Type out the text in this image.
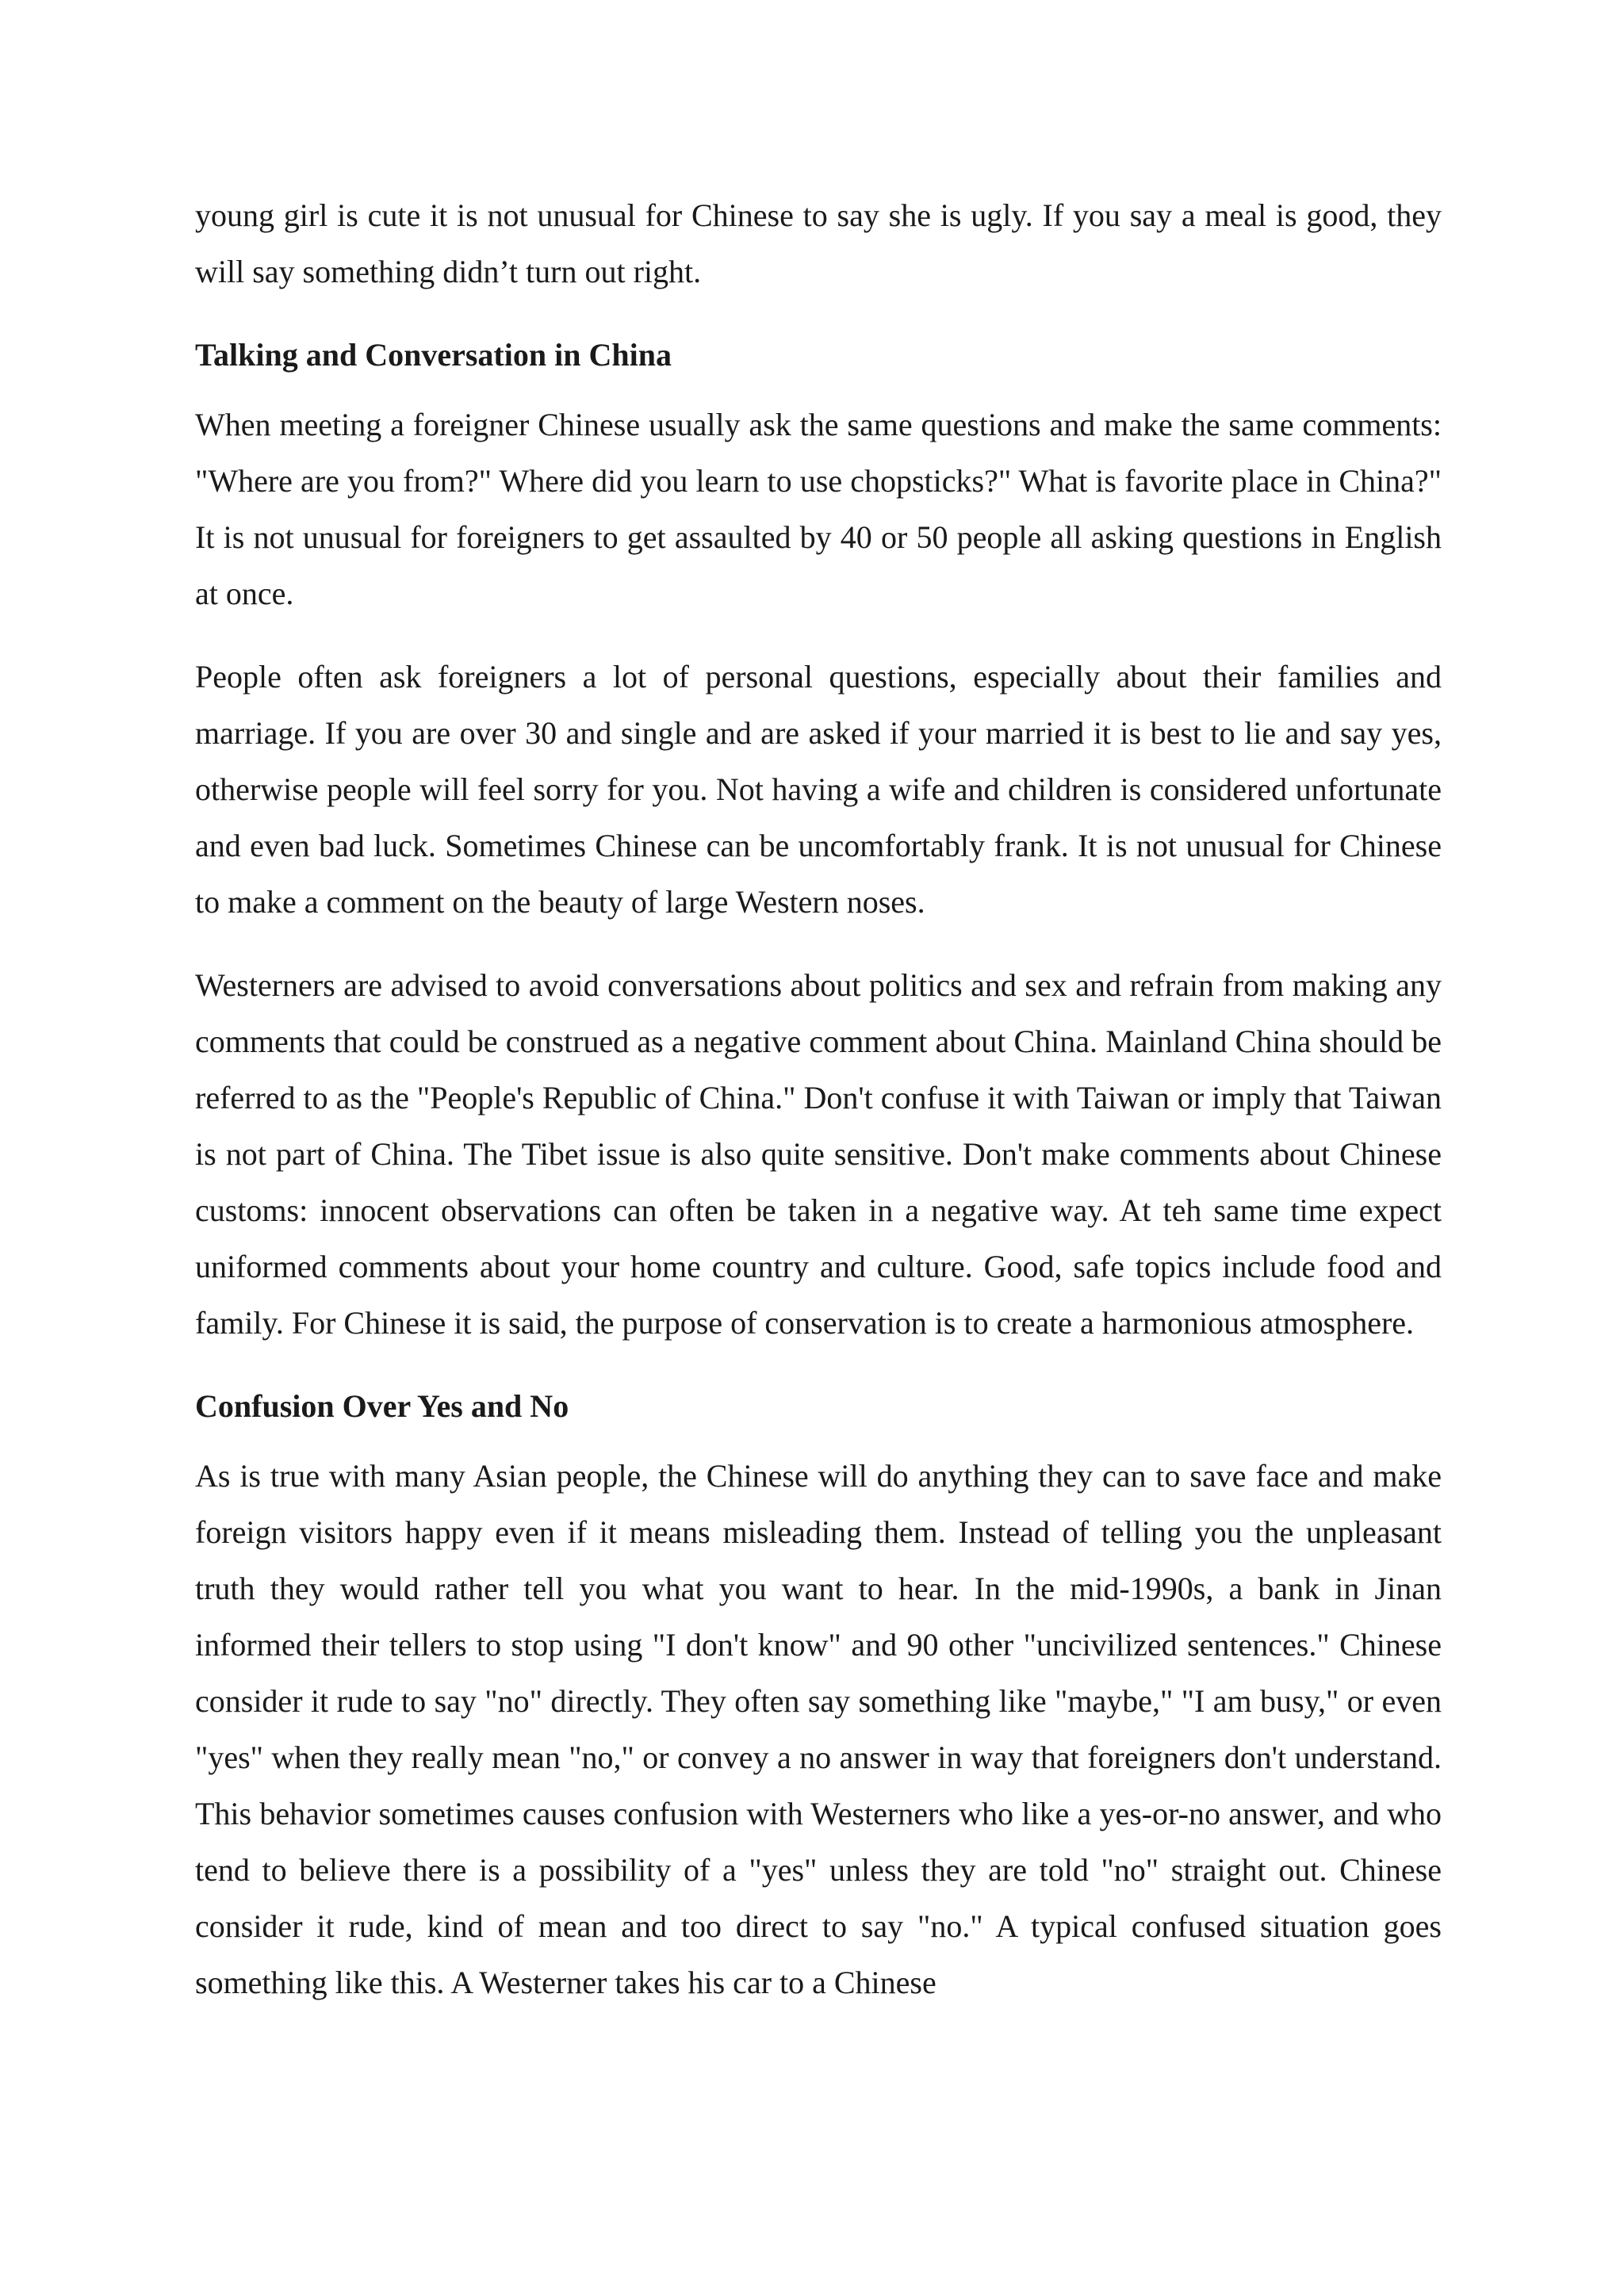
young girl is cute it is not unusual for Chinese to say she is ugly. If you say a meal is good, they will say something didn’t turn out right.

Talking and Conversation in China

When meeting a foreigner Chinese usually ask the same questions and make the same comments: "Where are you from?" Where did you learn to use chopsticks?" What is favorite place in China?" It is not unusual for foreigners to get assaulted by 40 or 50 people all asking questions in English at once.

People often ask foreigners a lot of personal questions, especially about their families and marriage. If you are over 30 and single and are asked if your married it is best to lie and say yes, otherwise people will feel sorry for you. Not having a wife and children is considered unfortunate and even bad luck. Sometimes Chinese can be uncomfortably frank. It is not unusual for Chinese to make a comment on the beauty of large Western noses.

Westerners are advised to avoid conversations about politics and sex and refrain from making any comments that could be construed as a negative comment about China. Mainland China should be referred to as the "People's Republic of China." Don't confuse it with Taiwan or imply that Taiwan is not part of China. The Tibet issue is also quite sensitive. Don't make comments about Chinese customs: innocent observations can often be taken in a negative way. At teh same time expect uniformed comments about your home country and culture. Good, safe topics include food and family. For Chinese it is said, the purpose of conservation is to create a harmonious atmosphere.

Confusion Over Yes and No

As is true with many Asian people, the Chinese will do anything they can to save face and make foreign visitors happy even if it means misleading them. Instead of telling you the unpleasant truth they would rather tell you what you want to hear. In the mid-1990s, a bank in Jinan informed their tellers to stop using "I don't know" and 90 other "uncivilized sentences." Chinese consider it rude to say "no" directly. They often say something like "maybe," "I am busy," or even "yes" when they really mean "no," or convey a no answer in way that foreigners don't understand. This behavior sometimes causes confusion with Westerners who like a yes-or-no answer, and who tend to believe there is a possibility of a "yes" unless they are told "no" straight out. Chinese consider it rude, kind of mean and too direct to say "no." A typical confused situation goes something like this. A Westerner takes his car to a Chinese
